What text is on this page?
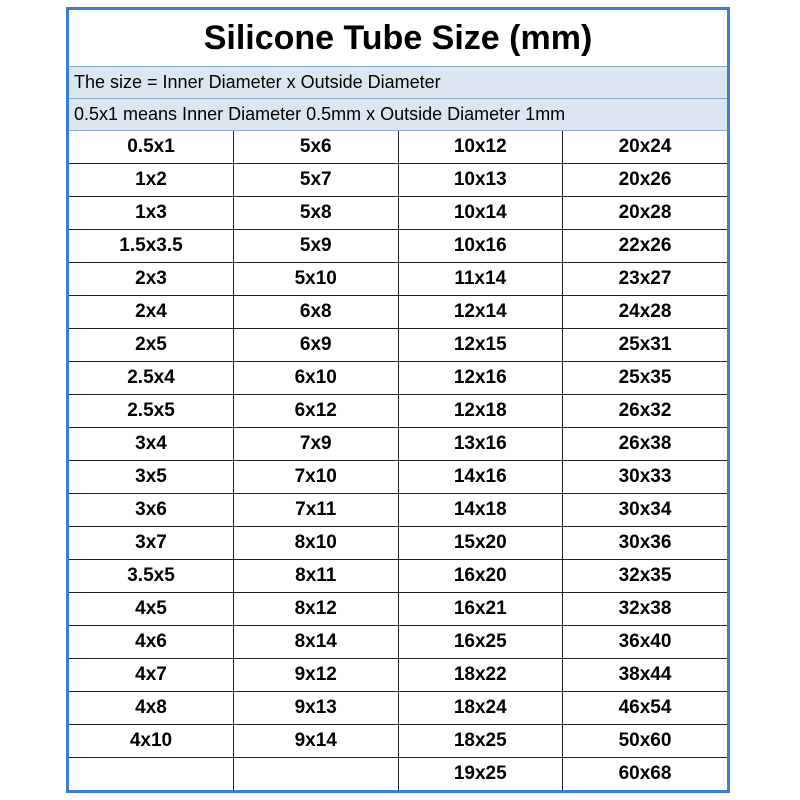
Silicone Tube Size (mm)
The size = Inner Diameter x Outside Diameter
0.5x1 means Inner Diameter 0.5mm x Outside Diameter 1mm
0.5x1	5x6	10x12	20x24
1x2	5x7	10x13	20x26
1x3	5x8	10x14	20x28
1.5x3.5	5x9	10x16	22x26
2x3	5x10	11x14	23x27
2x4	6x8	12x14	24x28
2x5	6x9	12x15	25x31
2.5x4	6x10	12x16	25x35
2.5x5	6x12	12x18	26x32
3x4	7x9	13x16	26x38
3x5	7x10	14x16	30x33
3x6	7x11	14x18	30x34
3x7	8x10	15x20	30x36
3.5x5	8x11	16x20	32x35
4x5	8x12	16x21	32x38
4x6	8x14	16x25	36x40
4x7	9x12	18x22	38x44
4x8	9x13	18x24	46x54
4x10	9x14	18x25	50x60
		19x25	60x68
